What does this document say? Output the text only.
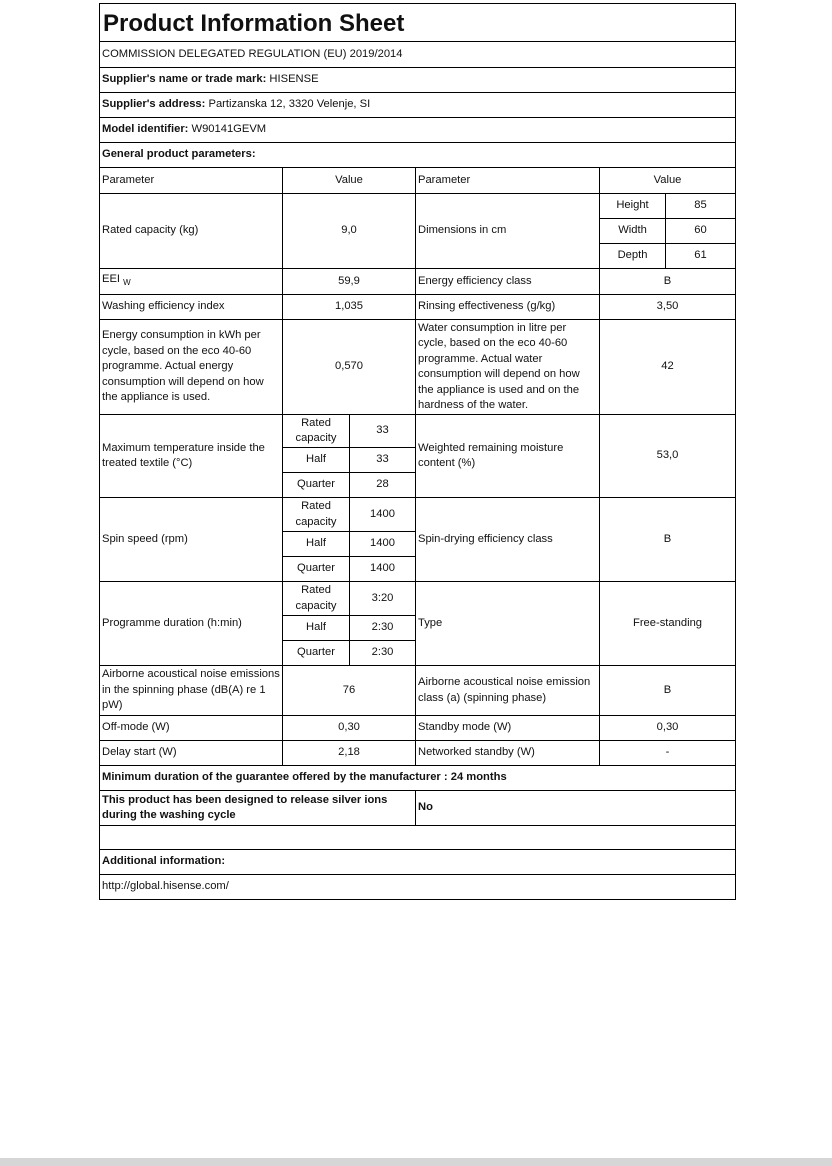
Product Information Sheet					
COMMISSION DELEGATED REGULATION (EU) 2019/2014					
Supplier's name or trade mark: HISENSE					
Supplier's address: Partizanska 12, 3320 Velenje, SI					
Model identifier: W90141GEVM					
General product parameters:					
Parameter	Value		Parameter	Value	
Rated capacity (kg)	9,0		Dimensions in cm	Height	85
				Width	60
				Depth	61
EEI $_W$	59,9		Energy efficiency class	B	
Washing efficiency index	1,035		Rinsing effectiveness (g/kg)	3,50	
Energy consumption in kWh per cycle, based on the eco 40-60 programme. Actual energy consumption will depend on how the appliance is used.	0,570		Water consumption in litre per cycle, based on the eco 40-60 programme. Actual water consumption will depend on how the appliance is used and on the hardness of the water.	42	
Maximum temperature inside the treated textile (°C)	Rated capacity	33	Weighted remaining moisture content (%)	53,0	
	Half	33			
	Quarter	28			
Spin speed (rpm)	Rated capacity	1400	Spin-drying efficiency class	B	
	Half	1400			
	Quarter	1400			
Programme duration (h:min)	Rated capacity	3:20	Type	Free-standing	
	Half	2:30			
	Quarter	2:30			
Airborne acoustical noise emissions in the spinning phase (dB(A) re 1 pW)	76		Airborne acoustical noise emission class (a) (spinning phase)	B	
Off-mode (W)	0,30		Standby mode (W)	0,30	
Delay start (W)	2,18		Networked standby (W)	-	
Minimum duration of the guarantee offered by the manufacturer : 24 months					
This product has been designed to release silver ions during the washing cycle			No		

Additional information:					
http://global.hisense.com/					
